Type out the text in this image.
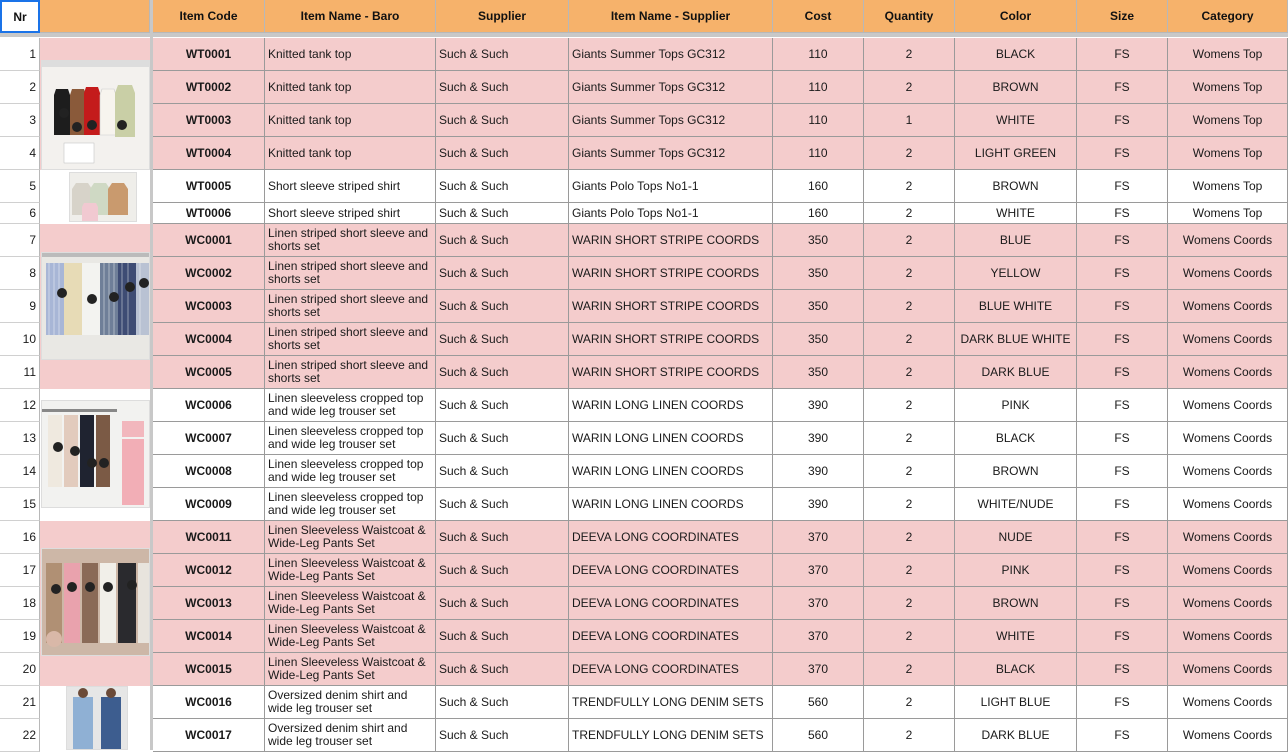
Nr	Item Code	Item Name - Baro	Supplier	Item Name - Supplier	Cost	Quantity	Color	Size	Category
1	WT0001	Knitted tank top	Such & Such	Giants Summer Tops GC312	110	2	BLACK	FS	Womens Top
2	WT0002	Knitted tank top	Such & Such	Giants Summer Tops GC312	110	2	BROWN	FS	Womens Top
3	WT0003	Knitted tank top	Such & Such	Giants Summer Tops GC312	110	1	WHITE	FS	Womens Top
4	WT0004	Knitted tank top	Such & Such	Giants Summer Tops GC312	110	2	LIGHT GREEN	FS	Womens Top
5	WT0005	Short sleeve striped shirt	Such & Such	Giants Polo Tops No1-1	160	2	BROWN	FS	Womens Top
6	WT0006	Short sleeve striped shirt	Such & Such	Giants Polo Tops No1-1	160	2	WHITE	FS	Womens Top
7	WC0001	Linen striped short sleeve and shorts set	Such & Such	WARIN SHORT STRIPE COORDS	350	2	BLUE	FS	Womens Coords
8	WC0002	Linen striped short sleeve and shorts set	Such & Such	WARIN SHORT STRIPE COORDS	350	2	YELLOW	FS	Womens Coords
9	WC0003	Linen striped short sleeve and shorts set	Such & Such	WARIN SHORT STRIPE COORDS	350	2	BLUE WHITE	FS	Womens Coords
10	WC0004	Linen striped short sleeve and shorts set	Such & Such	WARIN SHORT STRIPE COORDS	350	2	DARK BLUE WHITE	FS	Womens Coords
11	WC0005	Linen striped short sleeve and shorts set	Such & Such	WARIN SHORT STRIPE COORDS	350	2	DARK BLUE	FS	Womens Coords
12	WC0006	Linen sleeveless cropped top and wide leg trouser set	Such & Such	WARIN LONG LINEN COORDS	390	2	PINK	FS	Womens Coords
13	WC0007	Linen sleeveless cropped top and wide leg trouser set	Such & Such	WARIN LONG LINEN COORDS	390	2	BLACK	FS	Womens Coords
14	WC0008	Linen sleeveless cropped top and wide leg trouser set	Such & Such	WARIN LONG LINEN COORDS	390	2	BROWN	FS	Womens Coords
15	WC0009	Linen sleeveless cropped top and wide leg trouser set	Such & Such	WARIN LONG LINEN COORDS	390	2	WHITE/NUDE	FS	Womens Coords
16	WC0011	Linen Sleeveless Waistcoat & Wide-Leg Pants Set	Such & Such	DEEVA LONG COORDINATES	370	2	NUDE	FS	Womens Coords
17	WC0012	Linen Sleeveless Waistcoat & Wide-Leg Pants Set	Such & Such	DEEVA LONG COORDINATES	370	2	PINK	FS	Womens Coords
18	WC0013	Linen Sleeveless Waistcoat & Wide-Leg Pants Set	Such & Such	DEEVA LONG COORDINATES	370	2	BROWN	FS	Womens Coords
19	WC0014	Linen Sleeveless Waistcoat & Wide-Leg Pants Set	Such & Such	DEEVA LONG COORDINATES	370	2	WHITE	FS	Womens Coords
20	WC0015	Linen Sleeveless Waistcoat & Wide-Leg Pants Set	Such & Such	DEEVA LONG COORDINATES	370	2	BLACK	FS	Womens Coords
21	WC0016	Oversized denim shirt and wide leg trouser set	Such & Such	TRENDFULLY LONG DENIM SETS	560	2	LIGHT BLUE	FS	Womens Coords
22	WC0017	Oversized denim shirt and wide leg trouser set	Such & Such	TRENDFULLY LONG DENIM SETS	560	2	DARK BLUE	FS	Womens Coords
